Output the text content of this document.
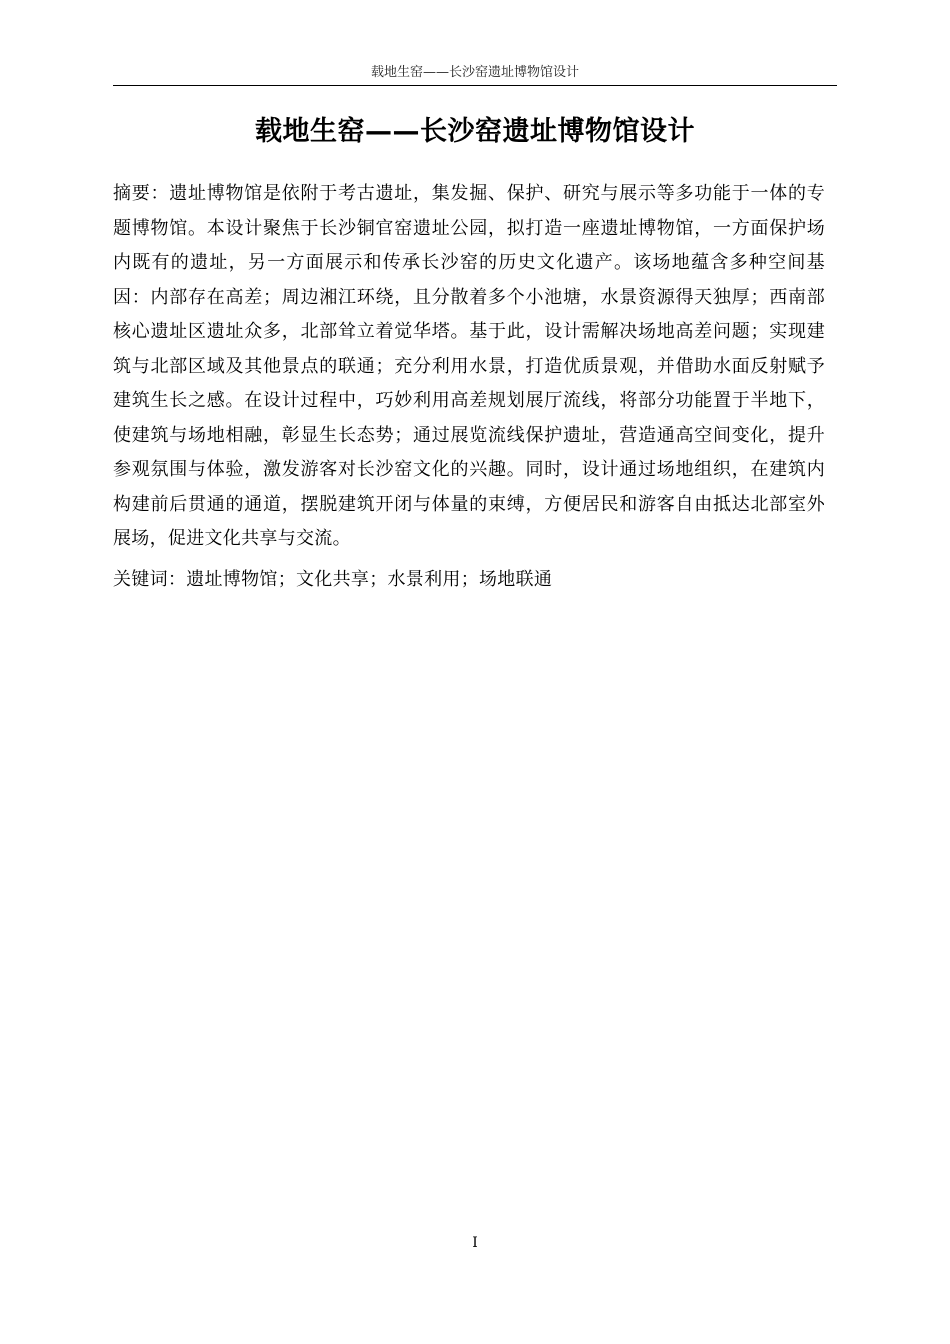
载地生窑——长沙窑遗址博物馆设计
载地生窑——长沙窑遗址博物馆设计

摘要：遗址博物馆是依附于考古遗址，集发掘、保护、研究与展示等多功能于一体的专题博物馆。本设计聚焦于长沙铜官窑遗址公园，拟打造一座遗址博物馆，一方面保护场内既有的遗址，另一方面展示和传承长沙窑的历史文化遗产。该场地蕴含多种空间基因：内部存在高差；周边湘江环绕，且分散着多个小池塘，水景资源得天独厚；西南部核心遗址区遗址众多，北部耸立着觉华塔。基于此，设计需解决场地高差问题；实现建筑与北部区域及其他景点的联通；充分利用水景，打造优质景观，并借助水面反射赋予建筑生长之感。在设计过程中，巧妙利用高差规划展厅流线，将部分功能置于半地下，使建筑与场地相融，彰显生长态势；通过展览流线保护遗址，营造通高空间变化，提升参观氛围与体验，激发游客对长沙窑文化的兴趣。同时，设计通过场地组织，在建筑内构建前后贯通的通道，摆脱建筑开闭与体量的束缚，方便居民和游客自由抵达北部室外展场，促进文化共享与交流。

关键词：遗址博物馆；文化共享；水景利用；场地联通

I
